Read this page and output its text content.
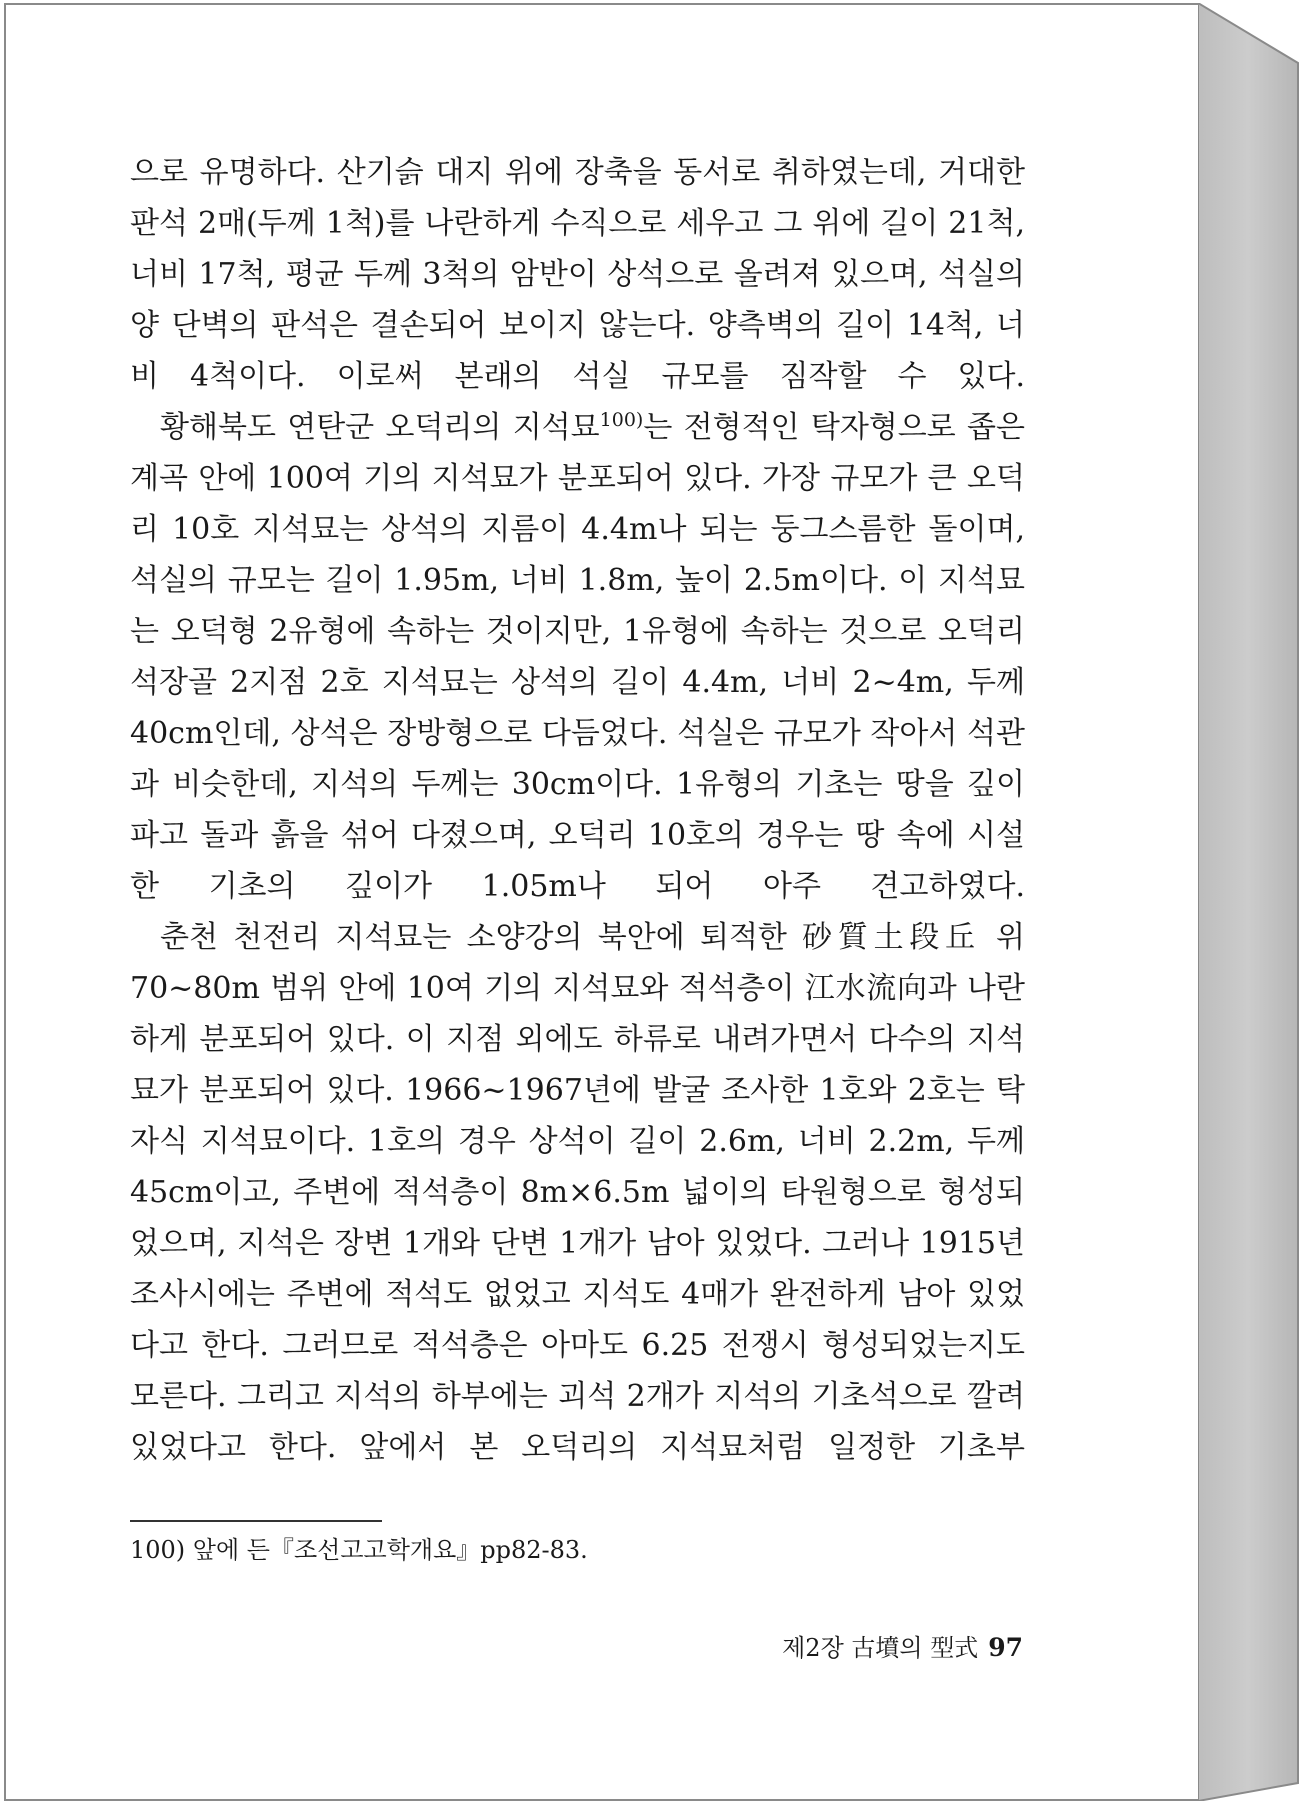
으로 유명하다. 산기슭 대지 위에 장축을 동서로 취하였는데, 거대한 판석 2매(두께 1척)를 나란하게 수직으로 세우고 그 위에 길이 21척, 너비 17척, 평균 두께 3척의 암반이 상석으로 올려져 있으며, 석실의 양 단벽의 판석은 결손되어 보이지 않는다. 양측벽의 길이 14척, 너비 4척이다. 이로써 본래의 석실 규모를 짐작할 수 있다.

황해북도 연탄군 오덕리의 지석묘$^{100)}$는 전형적인 탁자형으로 좁은 계곡 안에 100여 기의 지석묘가 분포되어 있다. 가장 규모가 큰 오덕리 10호 지석묘는 상석의 지름이 4.4m나 되는 둥그스름한 돌이며, 석실의 규모는 길이 1.95m, 너비 1.8m, 높이 2.5m이다. 이 지석묘는 오덕형 2유형에 속하는 것이지만, 1유형에 속하는 것으로 오덕리 석장골 2지점 2호 지석묘는 상석의 길이 4.4m, 너비 2~4m, 두께 40cm인데, 상석은 장방형으로 다듬었다. 석실은 규모가 작아서 석관과 비슷한데, 지석의 두께는 30cm이다. 1유형의 기초는 땅을 깊이 파고 돌과 흙을 섞어 다졌으며, 오덕리 10호의 경우는 땅 속에 시설한 기초의 깊이가 1.05m나 되어 아주 견고하였다.

춘천 천전리 지석묘는 소양강의 북안에 퇴적한 砂質土段丘 위 70~80m 범위 안에 10여 기의 지석묘와 적석층이 江水流向과 나란하게 분포되어 있다. 이 지점 외에도 하류로 내려가면서 다수의 지석묘가 분포되어 있다. 1966~1967년에 발굴 조사한 1호와 2호는 탁자식 지석묘이다. 1호의 경우 상석이 길이 2.6m, 너비 2.2m, 두께 45cm이고, 주변에 적석층이 8m×6.5m 넓이의 타원형으로 형성되었으며, 지석은 장변 1개와 단변 1개가 남아 있었다. 그러나 1915년 조사시에는 주변에 적석도 없었고 지석도 4매가 완전하게 남아 있었다고 한다. 그러므로 적석층은 아마도 6.25 전쟁시 형성되었는지도 모른다. 그리고 지석의 하부에는 괴석 2개가 지석의 기초석으로 깔려 있었다고 한다. 앞에서 본 오덕리의 지석묘처럼 일정한 기초부

100) 앞에 든『조선고고학개요』pp82-83.
제2장 古墳의 型式 97
